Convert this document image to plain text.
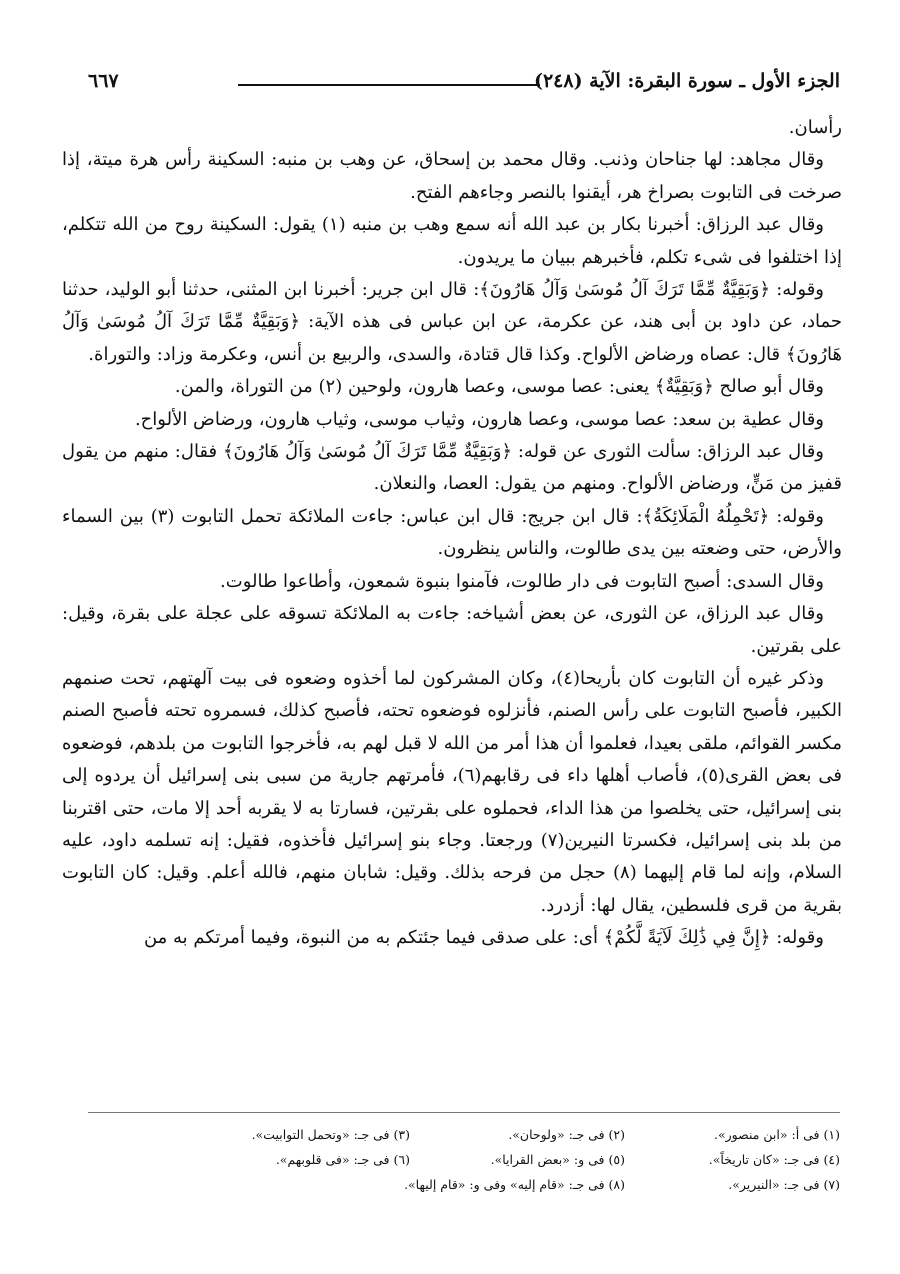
الجزء الأول ـ سورة البقرة: الآية (٢٤٨)
٦٦٧

رأسان.

وقال مجاهد: لها جناحان وذنب. وقال محمد بن إسحاق، عن وهب بن منبه: السكينة رأس هرة ميتة، إذا صرخت فى التابوت بصراخ هر، أيقنوا بالنصر وجاءهم الفتح.

وقال عبد الرزاق: أخبرنا بكار بن عبد الله أنه سمع وهب بن منبه (١) يقول: السكينة روح من الله تتكلم، إذا اختلفوا فى شىء تكلم، فأخبرهم ببيان ما يريدون.

وقوله: ﴿وَبَقِيَّةٌ مِّمَّا تَرَكَ آلُ مُوسَىٰ وَآلُ هَارُونَ﴾: قال ابن جرير: أخبرنا ابن المثنى، حدثنا أبو الوليد، حدثنا حماد، عن داود بن أبى هند، عن عكرمة، عن ابن عباس فى هذه الآية: ﴿وَبَقِيَّةٌ مِّمَّا تَرَكَ آلُ مُوسَىٰ وَآلُ هَارُونَ﴾ قال: عصاه ورضاض الألواح. وكذا قال قتادة، والسدى، والربيع بن أنس، وعكرمة وزاد: والتوراة.

وقال أبو صالح ﴿وَبَقِيَّةٌ﴾ يعنى: عصا موسى، وعصا هارون، ولوحين (٢) من التوراة، والمن.

وقال عطية بن سعد: عصا موسى، وعصا هارون، وثياب موسى، وثياب هارون، ورضاض الألواح.

وقال عبد الرزاق: سألت الثورى عن قوله: ﴿وَبَقِيَّةٌ مِّمَّا تَرَكَ آلُ مُوسَىٰ وَآلُ هَارُونَ﴾ فقال: منهم من يقول قفيز من مَنٍّ، ورضاض الألواح. ومنهم من يقول: العصا، والنعلان.

وقوله: ﴿تَحْمِلُهُ الْمَلَائِكَةُ﴾: قال ابن جريج: قال ابن عباس: جاءت الملائكة تحمل التابوت (٣) بين السماء والأرض، حتى وضعته بين يدى طالوت، والناس ينظرون.

وقال السدى: أصبح التابوت فى دار طالوت، فآمنوا بنبوة شمعون، وأطاعوا طالوت.

وقال عبد الرزاق، عن الثورى، عن بعض أشياخه: جاءت به الملائكة تسوقه على عجلة على بقرة، وقيل: على بقرتين.

وذكر غيره أن التابوت كان بأريحا(٤)، وكان المشركون لما أخذوه وضعوه فى بيت آلهتهم، تحت صنمهم الكبير، فأصبح التابوت على رأس الصنم، فأنزلوه فوضعوه تحته، فأصبح كذلك، فسمروه تحته فأصبح الصنم مكسر القوائم، ملقى بعيدا، فعلموا أن هذا أمر من الله لا قبل لهم به، فأخرجوا التابوت من بلدهم، فوضعوه فى بعض القرى(٥)، فأصاب أهلها داء فى رقابهم(٦)، فأمرتهم جارية من سبى بنى إسرائيل أن يردوه إلى بنى إسرائيل، حتى يخلصوا من هذا الداء، فحملوه على بقرتين، فسارتا به لا يقربه أحد إلا مات، حتى اقتربنا من بلد بنى إسرائيل، فكسرتا النيرين(٧) ورجعتا. وجاء بنو إسرائيل فأخذوه، فقيل: إنه تسلمه داود، عليه السلام، وإنه لما قام إليهما (٨) حجل من فرحه بذلك. وقيل: شابان منهم، فالله أعلم. وقيل: كان التابوت بقرية من قرى فلسطين، يقال لها: أزدرد.

وقوله: ﴿إِنَّ فِي ذَٰلِكَ لَآيَةً لَّكُمْ﴾ أى: على صدقى فيما جئتكم به من النبوة، وفيما أمرتكم به من

(١) فى أ: «ابن منصور».
(٢) فى جـ: «ولوحان».
(٣) فى جـ: «وتحمل التوابيت».
(٤) فى جـ: «كان تاريخاً».
(٥) فى و: «بعض القرايا».
(٦) فى جـ: «فى قلوبهم».
(٧) فى جـ: «النيرير».
(٨) فى جـ: «قام إليه» وفى و: «قام إليها».
